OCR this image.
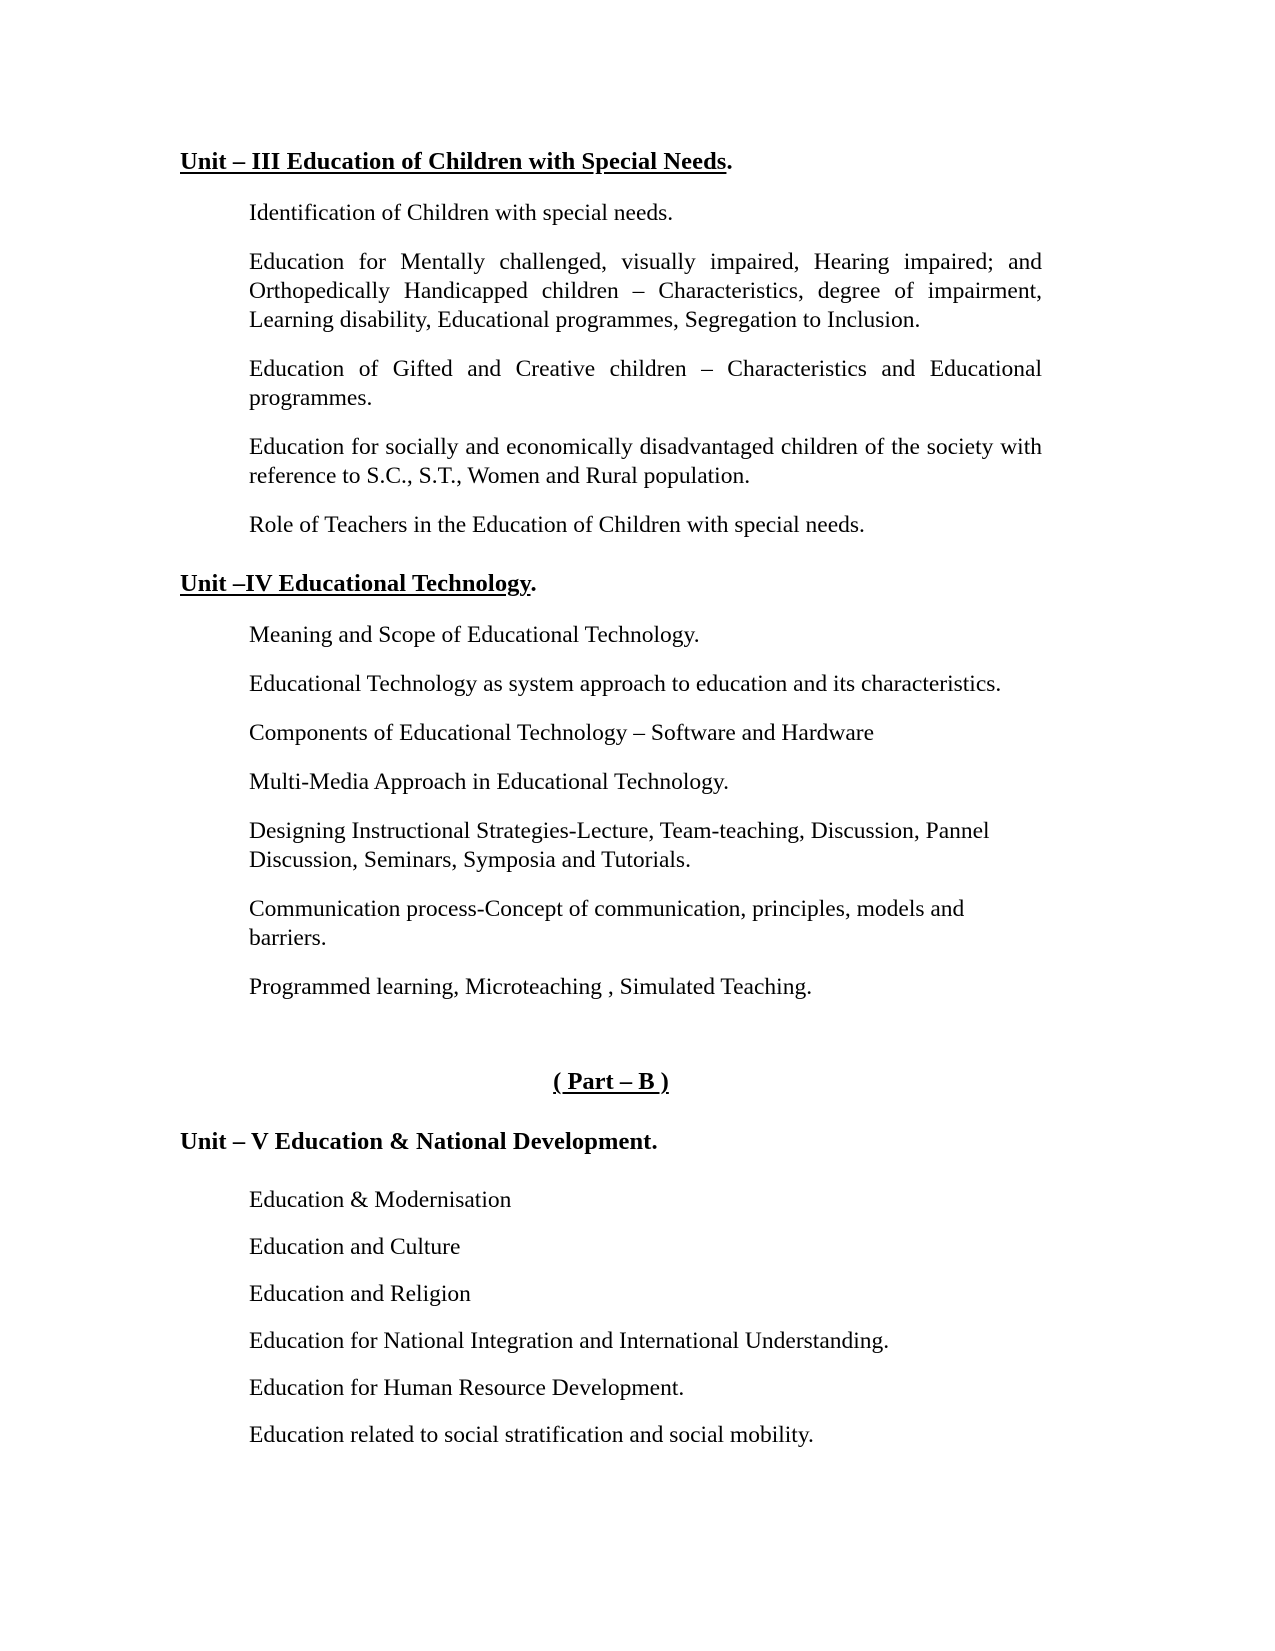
Unit – III Education of Children with Special Needs.

Identification of Children with special needs.

Education for Mentally challenged, visually impaired, Hearing impaired; and Orthopedically Handicapped children – Characteristics, degree of impairment, Learning disability, Educational programmes, Segregation to Inclusion.

Education of Gifted and Creative children – Characteristics and Educational programmes.

Education for socially and economically disadvantaged children of the society with reference to S.C., S.T., Women and Rural population.

Role of Teachers in the Education of Children with special needs.

Unit –IV Educational Technology.

Meaning and Scope of Educational Technology.

Educational Technology as system approach to education and its characteristics.

Components of Educational Technology – Software and Hardware

Multi-Media Approach in Educational Technology.

Designing Instructional Strategies-Lecture, Team-teaching, Discussion, Pannel Discussion, Seminars, Symposia and Tutorials.

Communication process-Concept of communication, principles, models and barriers.

Programmed learning, Microteaching , Simulated Teaching.

( Part – B )
Unit – V Education & National Development.

Education & Modernisation

Education and Culture

Education and Religion

Education for National Integration and International Understanding.

Education for Human Resource Development.

Education related to social stratification and social mobility.
